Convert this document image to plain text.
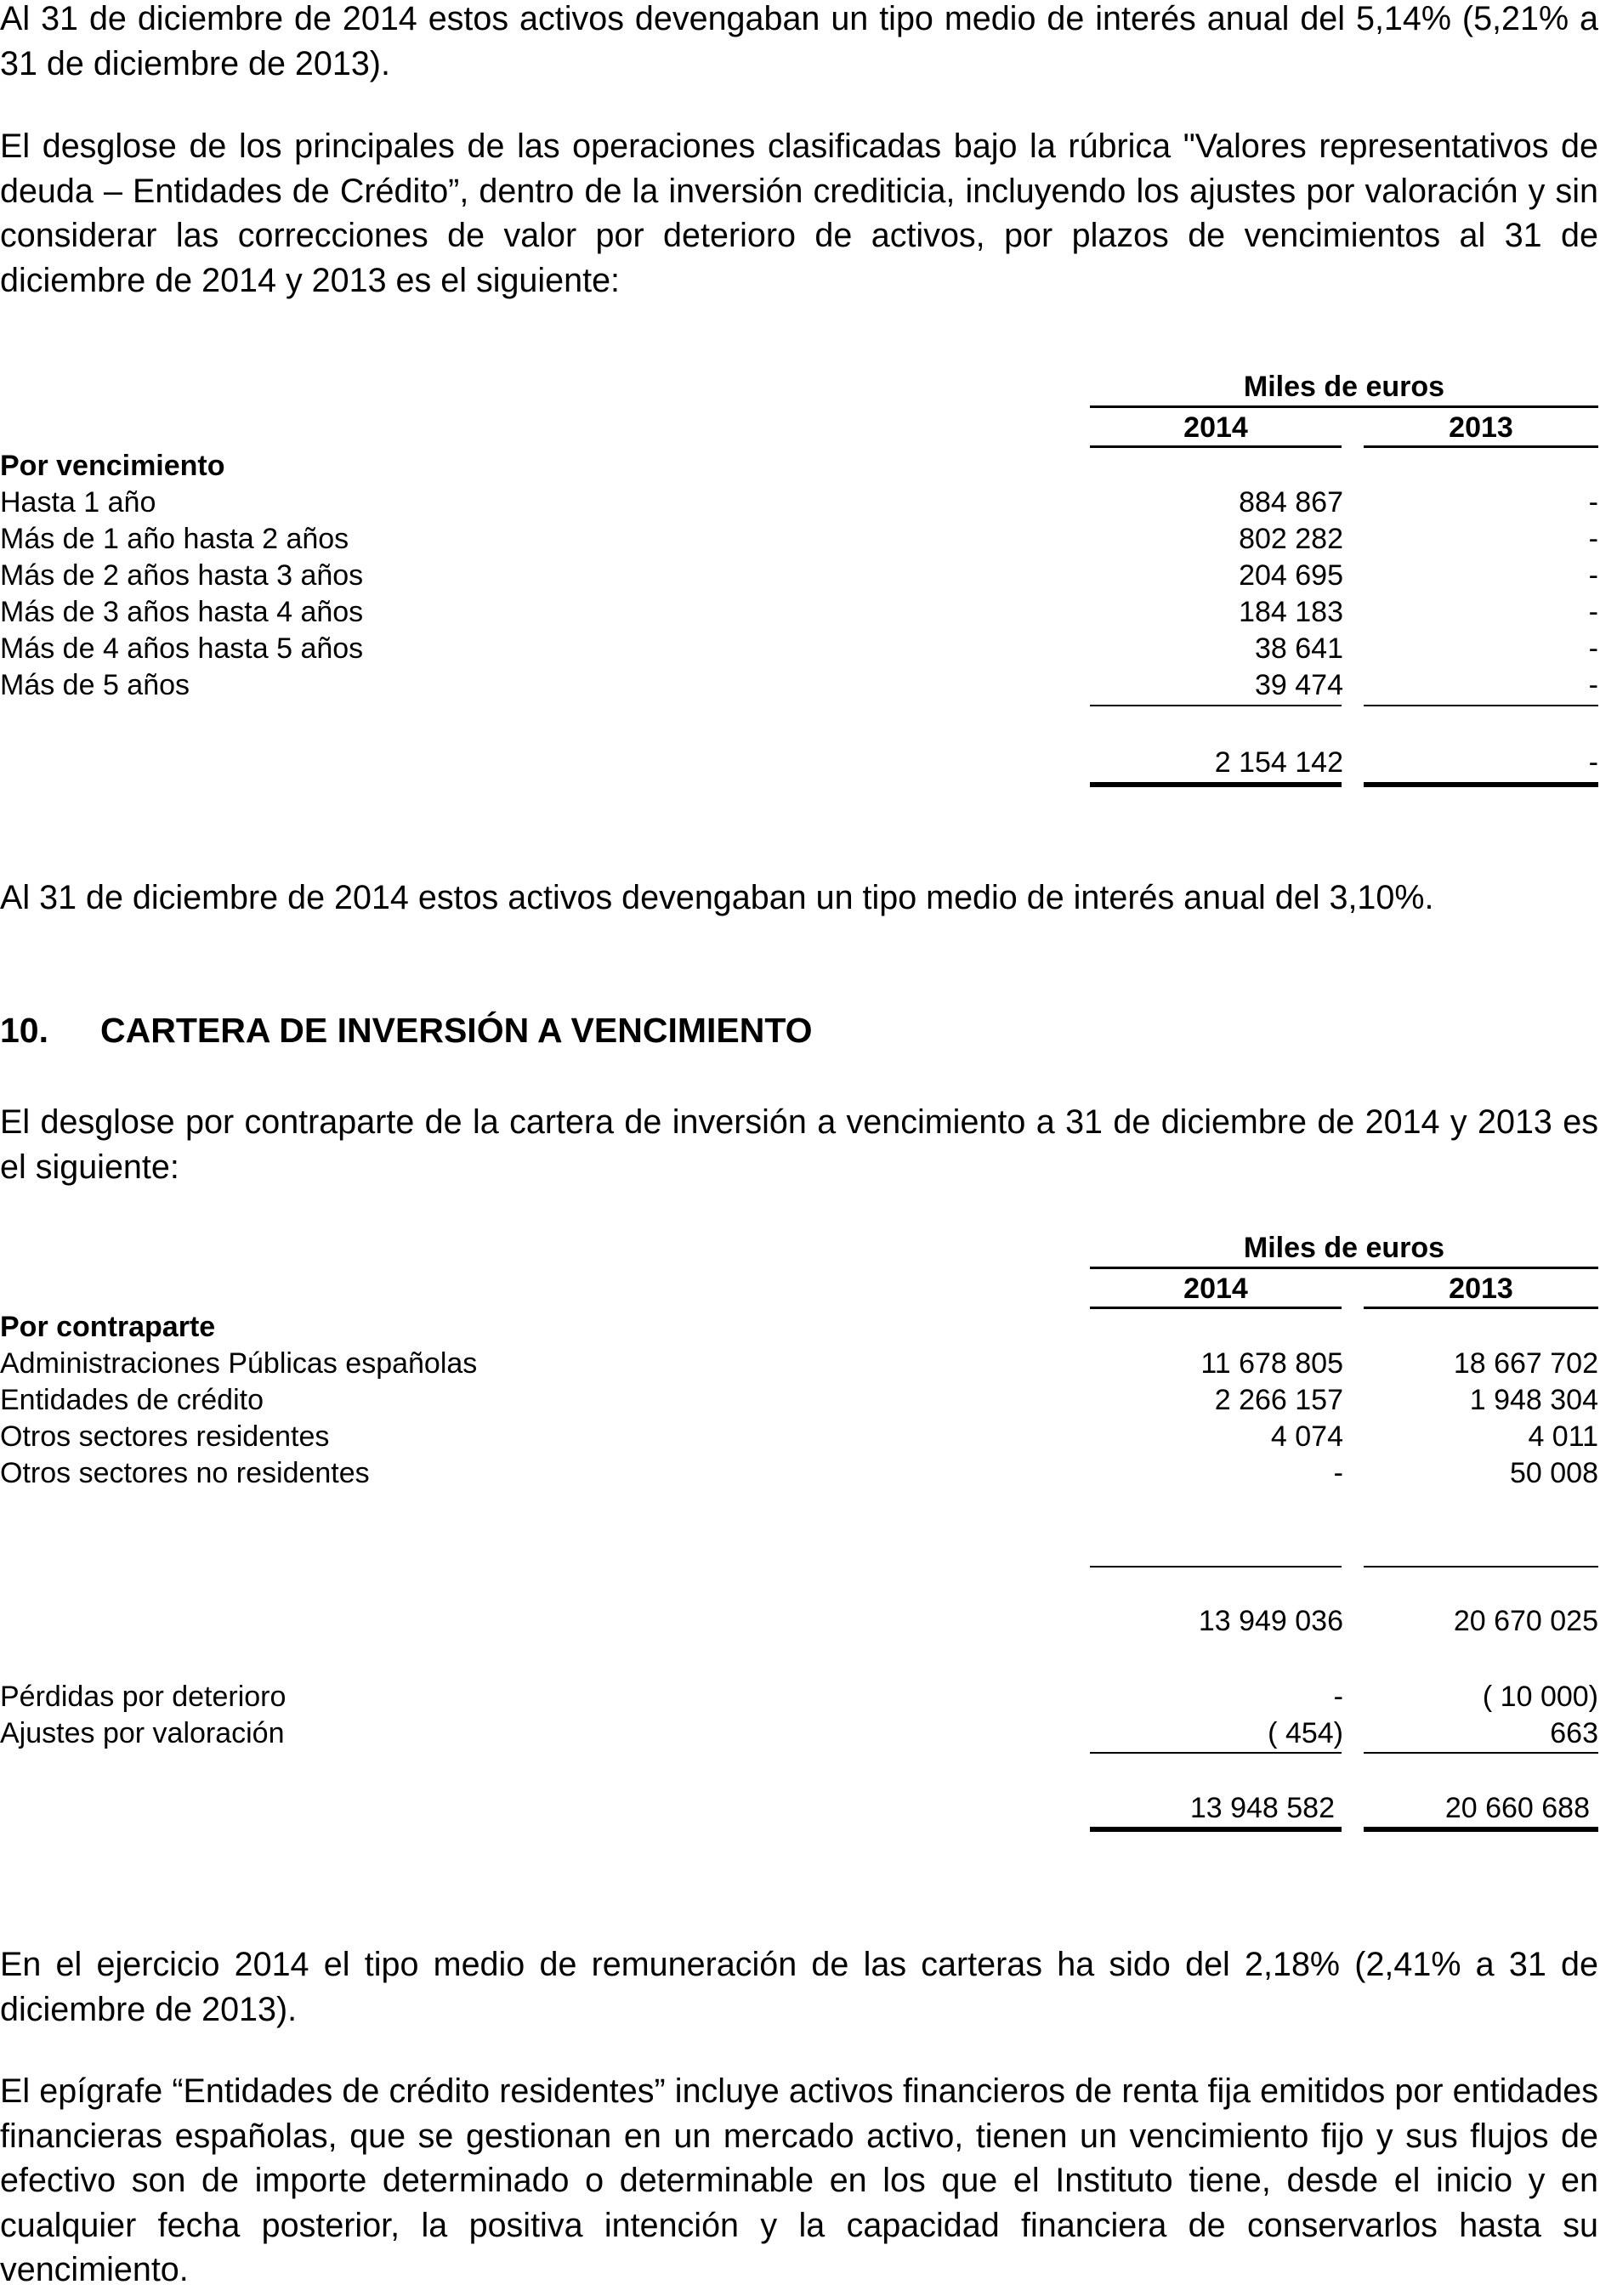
Al 31 de diciembre de 2014 estos activos devengaban un tipo medio de interés anual del 5,14% (5,21% a 31 de diciembre de 2013).

El desglose de los principales de las operaciones clasificadas bajo la rúbrica "Valores representativos de deuda – Entidades de Crédito”, dentro de la inversión crediticia, incluyendo los ajustes por valoración y sin considerar las correcciones de valor por deterioro de activos, por plazos de vencimientos al 31 de diciembre de 2014 y 2013 es el siguiente:

Miles de euros
2014	2013
Por vencimiento
Hasta 1 año	884 867	-
Más de 1 año hasta 2 años	802 282	-
Más de 2 años hasta 3 años	204 695	-
Más de 3 años hasta 4 años	184 183	-
Más de 4 años hasta 5 años	38 641	-
Más de 5 años	39 474	-
2 154 142	-

Al 31 de diciembre de 2014 estos activos devengaban un tipo medio de interés anual del 3,10%.

10. CARTERA DE INVERSIÓN A VENCIMIENTO

El desglose por contraparte de la cartera de inversión a vencimiento a 31 de diciembre de 2014 y 2013 es el siguiente:

Miles de euros
2014	2013
Por contraparte
Administraciones Públicas españolas	11 678 805	18 667 702
Entidades de crédito	2 266 157	1 948 304
Otros sectores residentes	4 074	4 011
Otros sectores no residentes	-	50 008
13 949 036	20 670 025
Pérdidas por deterioro	-	( 10 000)
Ajustes por valoración	( 454)	663
13 948 582	20 660 688

En el ejercicio 2014 el tipo medio de remuneración de las carteras ha sido del 2,18% (2,41% a 31 de diciembre de 2013).

El epígrafe “Entidades de crédito residentes” incluye activos financieros de renta fija emitidos por entidades financieras españolas, que se gestionan en un mercado activo, tienen un vencimiento fijo y sus flujos de efectivo son de importe determinado o determinable en los que el Instituto tiene, desde el inicio y en cualquier fecha posterior, la positiva intención y la capacidad financiera de conservarlos hasta su vencimiento.
